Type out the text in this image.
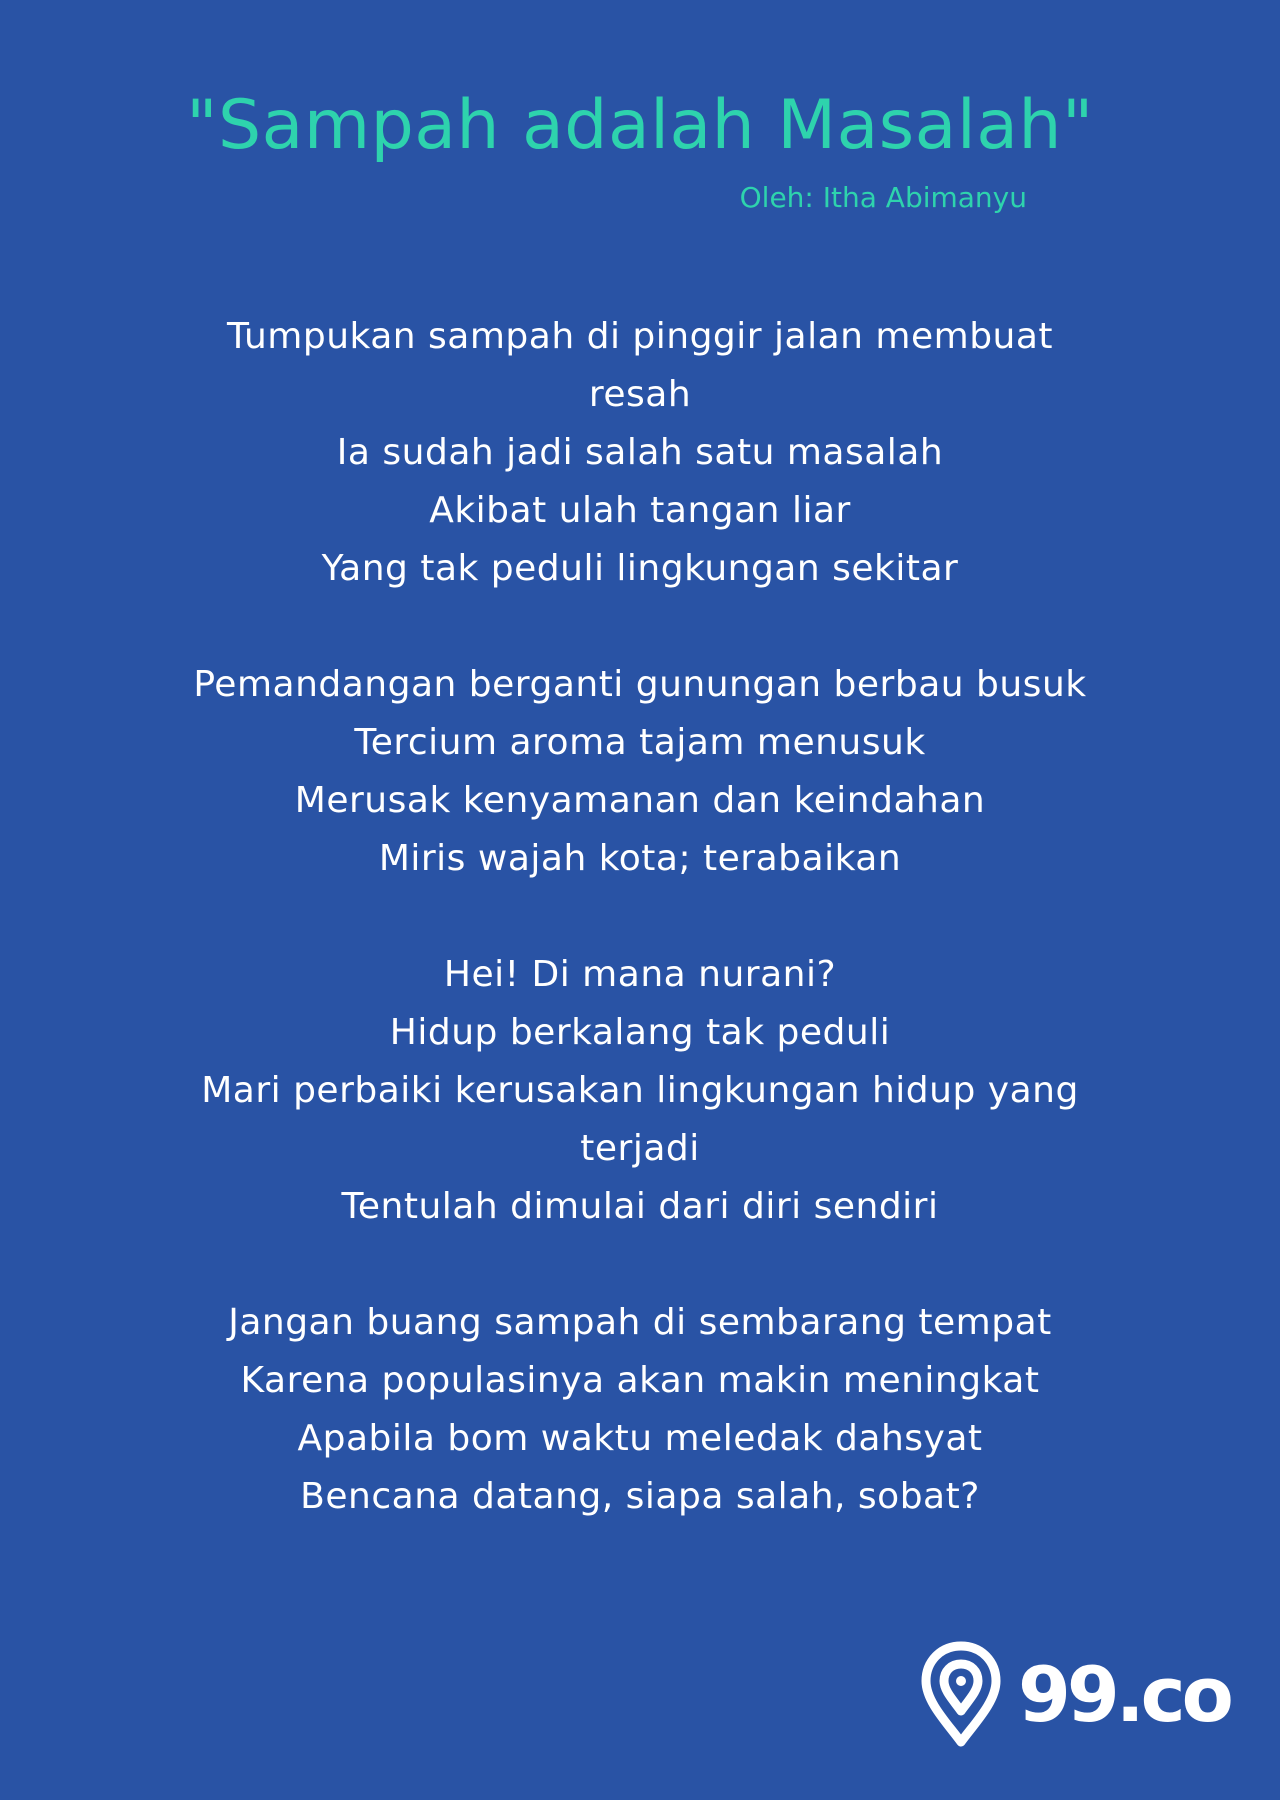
"Sampah adalah Masalah"

Oleh: Itha Abimanyu

Tumpukan sampah di pinggir jalan membuat
resah
Ia sudah jadi salah satu masalah
Akibat ulah tangan liar
Yang tak peduli lingkungan sekitar
Pemandangan berganti gunungan berbau busuk
Tercium aroma tajam menusuk
Merusak kenyamanan dan keindahan
Miris wajah kota; terabaikan
Hei! Di mana nurani?
Hidup berkalang tak peduli
Mari perbaiki kerusakan lingkungan hidup yang
terjadi
Tentulah dimulai dari diri sendiri
Jangan buang sampah di sembarang tempat
Karena populasinya akan makin meningkat
Apabila bom waktu meledak dahsyat
Bencana datang, siapa salah, sobat?
99.co
